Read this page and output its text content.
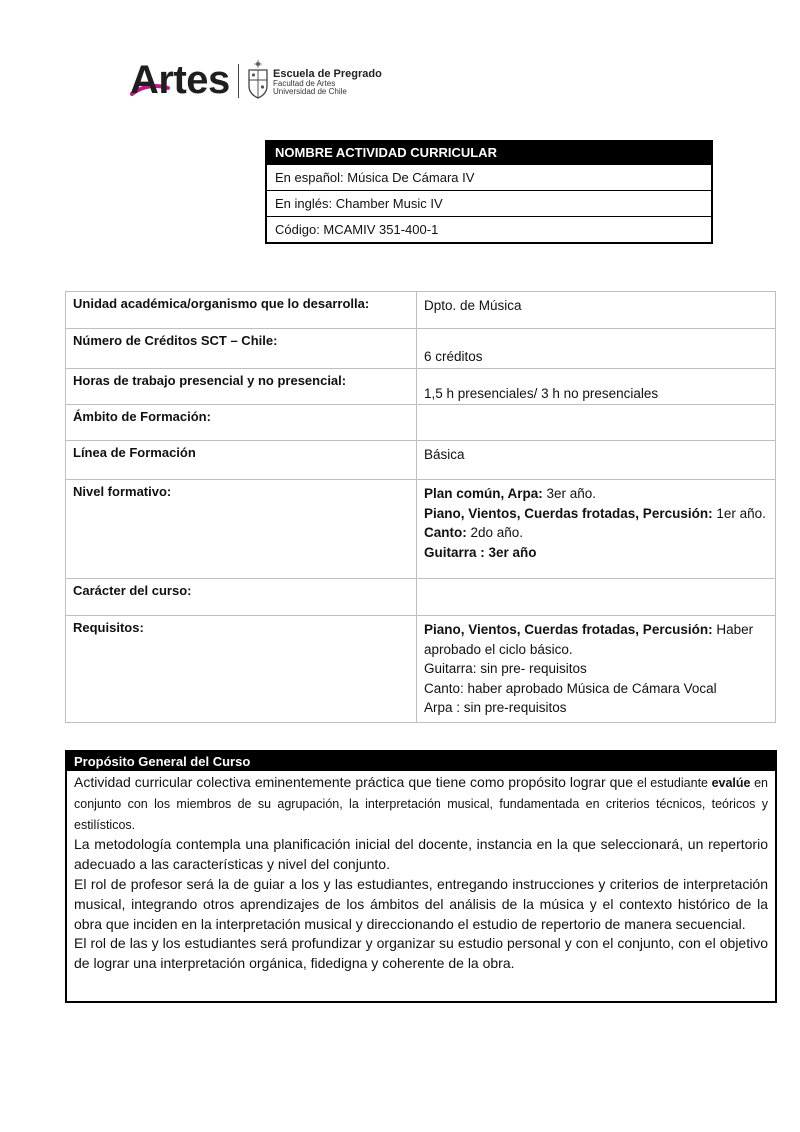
Artes	Escuela de Pregrado
Facultad de Artes
Universidad de Chile
NOMBRE ACTIVIDAD CURRICULAR
En español: Música De Cámara IV
En inglés: Chamber Music IV
Código: MCAMIV 351-400-1
Unidad académica/organismo que lo desarrolla:	Dpto. de Música
Número de Créditos SCT – Chile:	6 créditos
Horas de trabajo presencial y no presencial:	1,5 h presenciales/ 3 h no presenciales
Ámbito de Formación:	
Línea de Formación	Básica
Nivel formativo:	Plan común, Arpa: 3er año.
Piano, Vientos, Cuerdas frotadas, Percusión: 1er año.
Canto: 2do año.
Guitarra : 3er año
Carácter del curso:	
Requisitos:	Piano, Vientos, Cuerdas frotadas, Percusión: Haber aprobado el ciclo básico.
Guitarra: sin pre- requisitos
Canto: haber aprobado Música de Cámara Vocal
Arpa : sin pre-requisitos
Propósito General del Curso

Actividad curricular colectiva eminentemente práctica que tiene como propósito lograr que el estudiante evalúe en conjunto con los miembros de su agrupación, la interpretación musical, fundamentada en criterios técnicos, teóricos y estilísticos.

La metodología contempla una planificación inicial del docente, instancia en la que seleccionará, un repertorio adecuado a las características y nivel del conjunto.

El rol de profesor será la de guiar a los y las estudiantes, entregando instrucciones y criterios de interpretación musical, integrando otros aprendizajes de los ámbitos del análisis de la música y el contexto histórico de la obra que inciden en la interpretación musical y direccionando el estudio de repertorio de manera secuencial.

El rol de las y los estudiantes será profundizar y organizar su estudio personal y con el conjunto, con el objetivo de lograr una interpretación orgánica, fidedigna y coherente de la obra.
